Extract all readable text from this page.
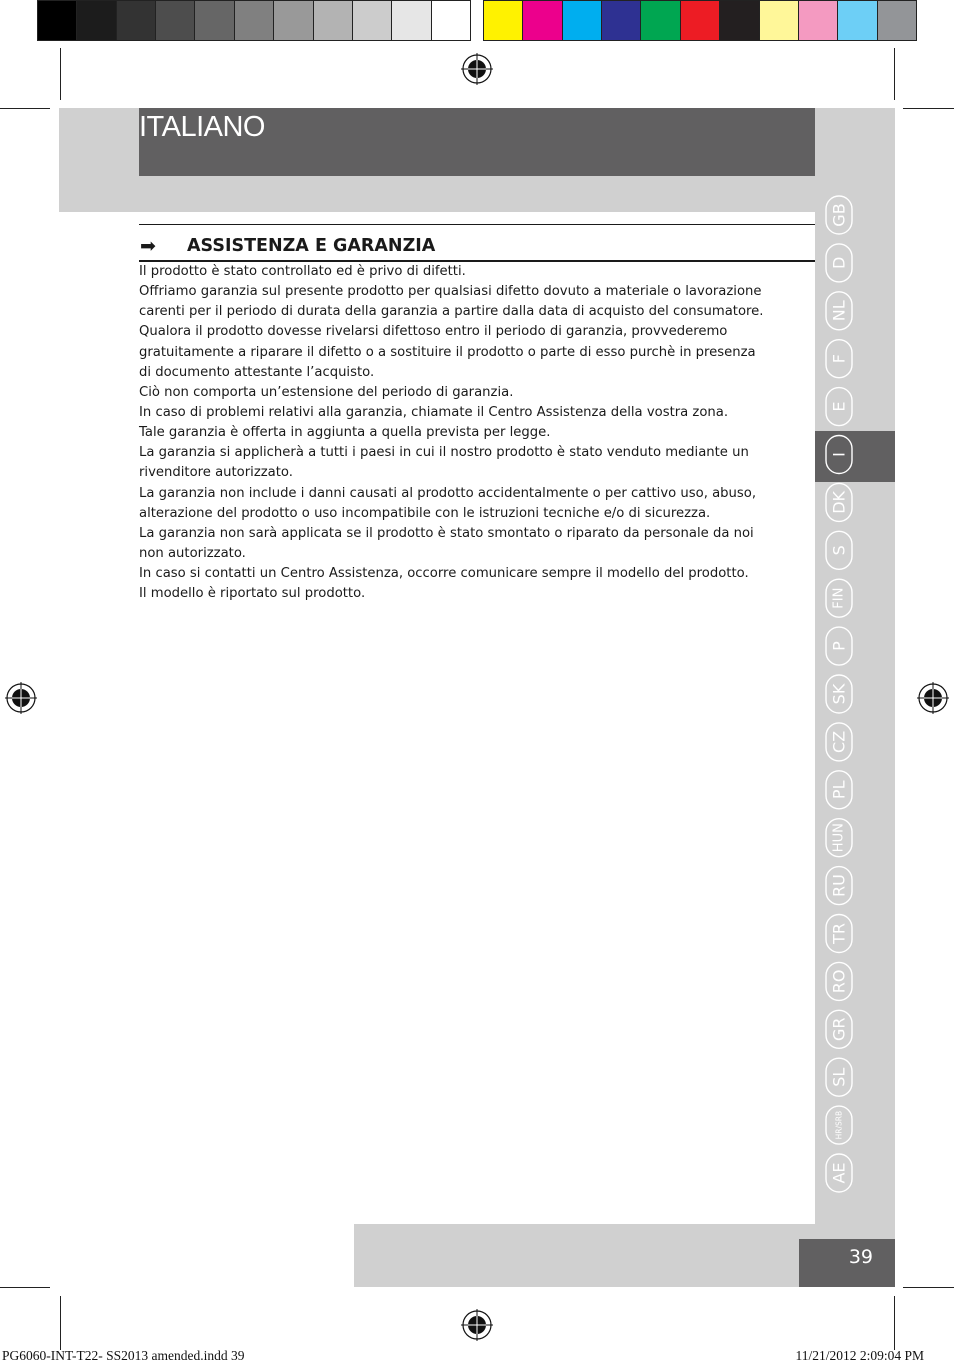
ITALIANO
GB
D
NL
F
E
I
DK
S
FIN
P
SK
CZ
PL
HUN
RU
TR
RO
GR
SL
HR/SRB
AE
➡ ASSISTENZA E GARANZIA
Il prodotto è stato controllato ed è privo di difetti.
Offriamo garanzia sul presente prodotto per qualsiasi difetto dovuto a materiale o lavorazione
carenti per il periodo di durata della garanzia a partire dalla data di acquisto del consumatore.
Qualora il prodotto dovesse rivelarsi difettoso entro il periodo di garanzia, provvederemo
gratuitamente a riparare il difetto o a sostituire il prodotto o parte di esso purchè in presenza
di documento attestante l’acquisto.
Ciò non comporta un’estensione del periodo di garanzia.
In caso di problemi relativi alla garanzia, chiamate il Centro Assistenza della vostra zona.
Tale garanzia è offerta in aggiunta a quella prevista per legge.
La garanzia si applicherà a tutti i paesi in cui il nostro prodotto è stato venduto mediante un
rivenditore autorizzato.
La garanzia non include i danni causati al prodotto accidentalmente o per cattivo uso, abuso,
alterazione del prodotto o uso incompatibile con le istruzioni tecniche e/o di sicurezza.
La garanzia non sarà applicata se il prodotto è stato smontato o riparato da personale da noi
non autorizzato.
In caso si contatti un Centro Assistenza, occorre comunicare sempre il modello del prodotto.
Il modello è riportato sul prodotto.
39
PG6060-INT-T22- SS2013 amended.indd 39	11/21/2012 2:09:04 PM
